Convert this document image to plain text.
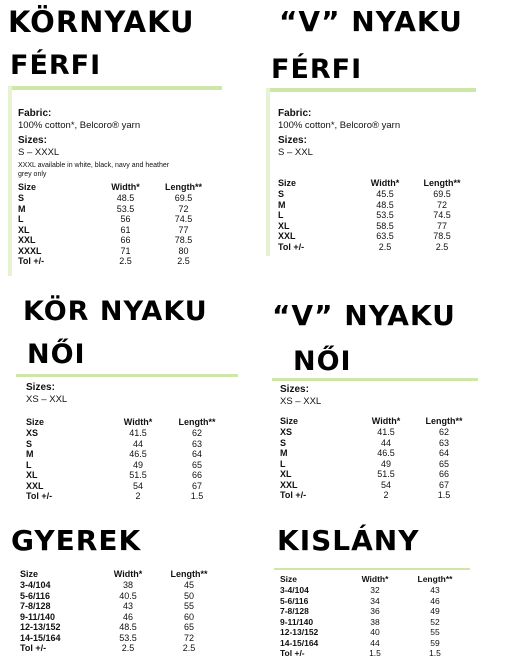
KÖRNYAKU
FÉRFI
Fabric:
100% cotton*, Belcoro® yarn
Sizes:
S – XXXL
XXXL available in white, black, navy and heather grey only
Size	Width*	Length**
S	48.5	69.5
M	53.5	72
L	56	74.5
XL	61	77
XXL	66	78.5
XXXL	71	80
Tol +/-	2.5	2.5
“V” NYAKU
FÉRFI
Fabric:
100% cotton*, Belcoro® yarn
Sizes:
S – XXL
Size	Width*	Length**
S	45.5	69.5
M	48.5	72
L	53.5	74.5
XL	58.5	77
XXL	63.5	78.5
Tol +/-	2.5	2.5
KÖR NYAKU
NŐI
Sizes:
XS – XXL
Size	Width*	Length**
XS	41.5	62
S	44	63
M	46.5	64
L	49	65
XL	51.5	66
XXL	54	67
Tol +/-	2	1.5
“V” NYAKU
NŐI
Sizes:
XS – XXL
Size	Width*	Length**
XS	41.5	62
S	44	63
M	46.5	64
L	49	65
XL	51.5	66
XXL	54	67
Tol +/-	2	1.5
GYEREK
Size	Width*	Length**
3-4/104	38	45
5-6/116	40.5	50
7-8/128	43	55
9-11/140	46	60
12-13/152	48.5	65
14-15/164	53.5	72
Tol +/-	2.5	2.5
KISLÁNY
Size	Width*	Length**
3-4/104	32	43
5-6/116	34	46
7-8/128	36	49
9-11/140	38	52
12-13/152	40	55
14-15/164	44	59
Tol +/-	1.5	1.5
